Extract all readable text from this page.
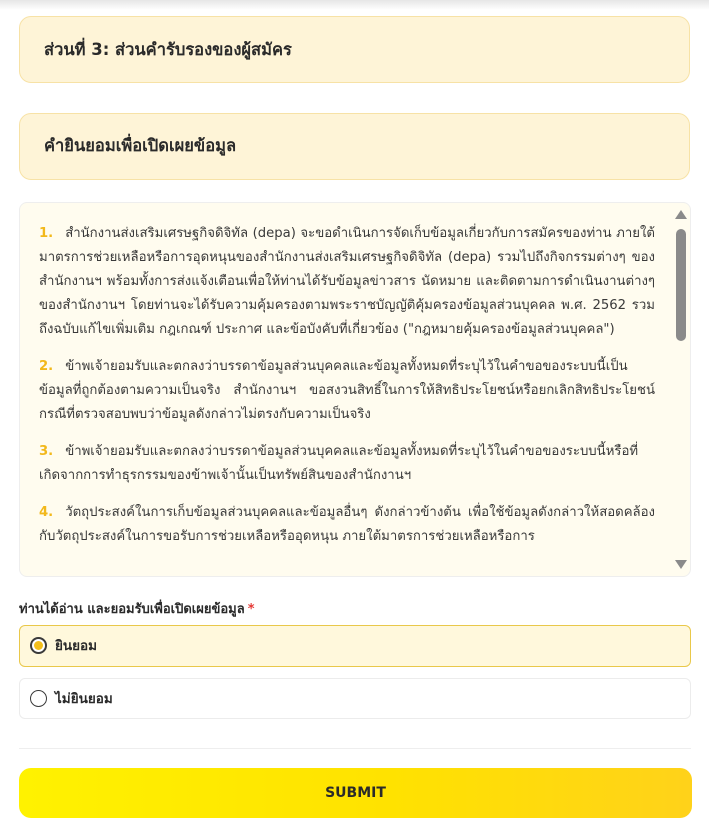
ส่วนที่ 3: ส่วนคำรับรองของผู้สมัคร
คำยินยอมเพื่อเปิดเผยข้อมูล

1. สำนักงานส่งเสริมเศรษฐกิจดิจิทัล (depa) จะขอดำเนินการจัดเก็บข้อมูลเกี่ยวกับการสมัครของท่าน ภายใต้มาตรการช่วยเหลือหรือการอุดหนุนของสำนักงานส่งเสริมเศรษฐกิจดิจิทัล (depa) รวมไปถึงกิจกรรมต่างๆ ของสำนักงานฯ พร้อมทั้งการส่งแจ้งเตือนเพื่อให้ท่านได้รับข้อมูลข่าวสาร นัดหมาย และติดตามการดำเนินงานต่างๆ ของสำนักงานฯ โดยท่านจะได้รับความคุ้มครองตามพระราชบัญญัติคุ้มครองข้อมูลส่วนบุคคล พ.ศ. 2562 รวมถึงฉบับแก้ไขเพิ่มเติม กฎเกณฑ์ ประกาศ และข้อบังคับที่เกี่ยวข้อง ("กฎหมายคุ้มครองข้อมูลส่วนบุคคล")

2. ข้าพเจ้ายอมรับและตกลงว่าบรรดาข้อมูลส่วนบุคคลและข้อมูลทั้งหมดที่ระบุไว้ในคำขอของระบบนี้เป็นข้อมูลที่ถูกต้องตามความเป็นจริง สำนักงานฯ ขอสงวนสิทธิ์ในการให้สิทธิประโยชน์หรือยกเลิกสิทธิประโยชน์กรณีที่ตรวจสอบพบว่าข้อมูลดังกล่าวไม่ตรงกับความเป็นจริง

3. ข้าพเจ้ายอมรับและตกลงว่าบรรดาข้อมูลส่วนบุคคลและข้อมูลทั้งหมดที่ระบุไว้ในคำขอของระบบนี้หรือที่เกิดจากการทำธุรกรรมของข้าพเจ้านั้นเป็นทรัพย์สินของสำนักงานฯ

4. วัตถุประสงค์ในการเก็บข้อมูลส่วนบุคคลและข้อมูลอื่นๆ ดังกล่าวข้างต้น เพื่อใช้ข้อมูลดังกล่าวให้สอดคล้องกับวัตถุประสงค์ในการขอรับการช่วยเหลือหรืออุดหนุน ภายใต้มาตรการช่วยเหลือหรือการ

ท่านได้อ่าน และยอมรับเพื่อเปิดเผยข้อมูล *
ยินยอม
ไม่ยินยอม
SUBMIT
